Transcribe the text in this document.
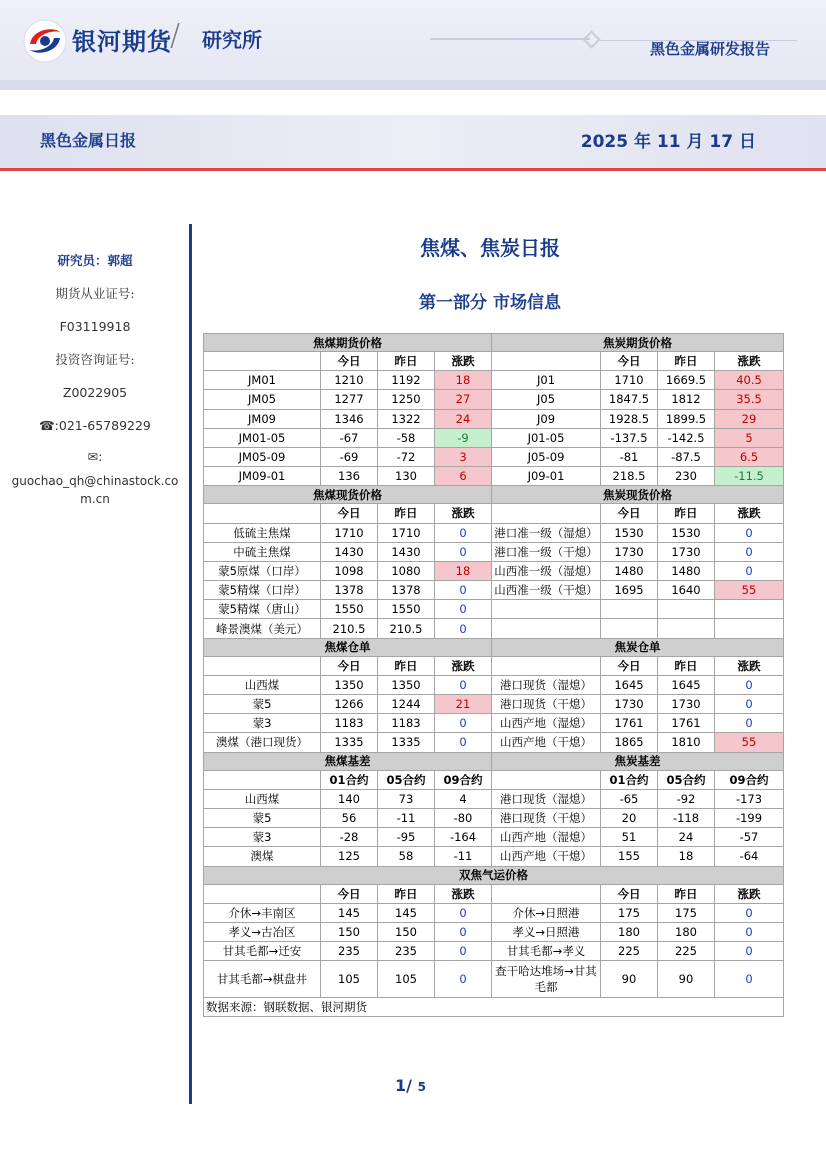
银河期货
/ 研究所	黑色金属研发报告
黑色金属日报	2025 年 11 月 17 日
研究员：郭超
期货从业证号:
F03119918
投资咨询证号:
Z0022905
☎:021-65789229
✉:
guochao_qh@chinastock.co
m.cn
焦煤、焦炭日报
第一部分 市场信息
焦煤期货价格				焦炭期货价格			
	今日	昨日	涨跌		今日	昨日	涨跌
JM01	1210	1192	18	J01	1710	1669.5	40.5
JM05	1277	1250	27	J05	1847.5	1812	35.5
JM09	1346	1322	24	J09	1928.5	1899.5	29
JM01-05	-67	-58	-9	J01-05	-137.5	-142.5	5
JM05-09	-69	-72	3	J05-09	-81	-87.5	6.5
JM09-01	136	130	6	J09-01	218.5	230	-11.5
焦煤现货价格				焦炭现货价格			
	今日	昨日	涨跌		今日	昨日	涨跌
低硫主焦煤	1710	1710	0	港口准一级（湿熄）	1530	1530	0
中硫主焦煤	1430	1430	0	港口准一级（干熄）	1730	1730	0
蒙5原煤（口岸）	1098	1080	18	山西准一级（湿熄）	1480	1480	0
蒙5精煤（口岸）	1378	1378	0	山西准一级（干熄）	1695	1640	55
蒙5精煤（唐山）	1550	1550	0				
峰景澳煤（美元）	210.5	210.5	0				
焦煤仓单				焦炭仓单			
	今日	昨日	涨跌		今日	昨日	涨跌
山西煤	1350	1350	0	港口现货（湿熄）	1645	1645	0
蒙5	1266	1244	21	港口现货（干熄）	1730	1730	0
蒙3	1183	1183	0	山西产地（湿熄）	1761	1761	0
澳煤（港口现货）	1335	1335	0	山西产地（干熄）	1865	1810	55
焦煤基差				焦炭基差			
	01合约	05合约	09合约		01合约	05合约	09合约
山西煤	140	73	4	港口现货（湿熄）	-65	-92	-173
蒙5	56	-11	-80	港口现货（干熄）	20	-118	-199
蒙3	-28	-95	-164	山西产地（湿熄）	51	24	-57
澳煤	125	58	-11	山西产地（干熄）	155	18	-64
双焦气运价格							
	今日	昨日	涨跌		今日	昨日	涨跌
介休→丰南区	145	145	0	介休→日照港	175	175	0
孝义→古冶区	150	150	0	孝义→日照港	180	180	0
甘其毛都→迁安	235	235	0	甘其毛都→孝义	225	225	0
甘其毛都→棋盘井	105	105	0	查干哈达堆场→甘其毛都	90	90	0
数据来源：钢联数据、银河期货							
1/ 5
